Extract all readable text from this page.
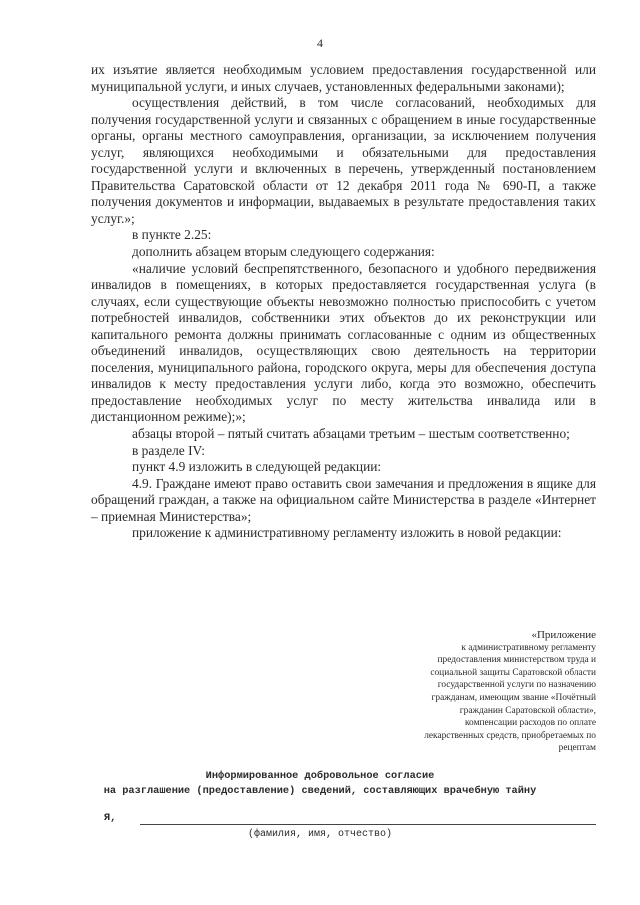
4

их изъятие является необходимым условием предоставления государственной или муниципальной услуги, и иных случаев, установленных федеральными законами);

осуществления действий, в том числе согласований, необходимых для получения государственной услуги и связанных с обращением в иные государственные органы, органы местного самоуправления, организации, за исключением получения услуг, являющихся необходимыми и обязательными для предоставления государственной услуги и включенных в перечень, утвержденный постановлением Правительства Саратовской области от 12 декабря 2011 года № 690-П, а также получения документов и информации, выдаваемых в результате предоставления таких услуг.»;

в пункте 2.25:

дополнить абзацем вторым следующего содержания:

«наличие условий беспрепятственного, безопасного и удобного передвижения инвалидов в помещениях, в которых предоставляется государственная услуга (в случаях, если существующие объекты невозможно полностью приспособить с учетом потребностей инвалидов, собственники этих объектов до их реконструкции или капитального ремонта должны принимать согласованные с одним из общественных объединений инвалидов, осуществляющих свою деятельность на территории поселения, муниципального района, городского округа, меры для обеспечения доступа инвалидов к месту предоставления услуги либо, когда это возможно, обеспечить предоставление необходимых услуг по месту жительства инвалида или в дистанционном режиме);»;

абзацы второй – пятый считать абзацами третьим – шестым соответственно;

в разделе IV:

пункт 4.9 изложить в следующей редакции:

4.9. Граждане имеют право оставить свои замечания и предложения в ящике для обращений граждан, а также на официальном сайте Министерства в разделе «Интернет – приемная Министерства»;

приложение к административному регламенту изложить в новой редакции:

«Приложение

к административному регламенту

предоставления министерством труда и

социальной защиты Саратовской области

государственной услуги по назначению

гражданам, имеющим звание «Почётный

гражданин Саратовской области»,

компенсации расходов по оплате

лекарственных средств, приобретаемых по

рецептам

Информированное добровольное согласие

на разглашение (предоставление) сведений, составляющих врачебную тайну

Я,
(фамилия, имя, отчество)
